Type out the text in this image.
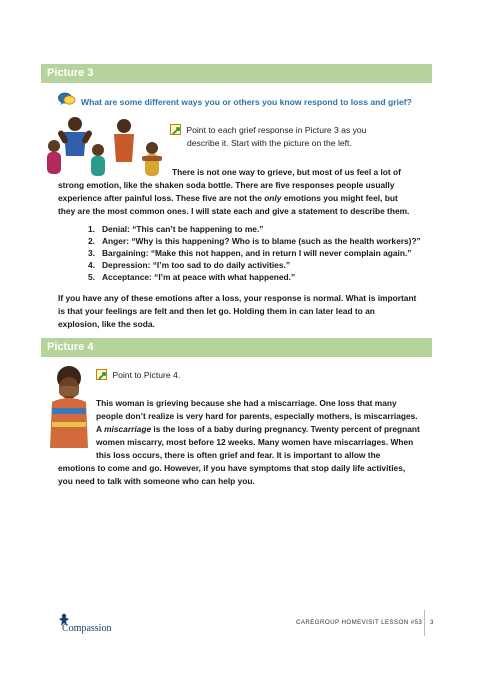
Picture 3
What are some different ways you or others you know respond to loss and grief?
Point to each grief response in Picture 3 as you
describe it. Start with the picture on the left.
There is not one way to grieve, but most of us feel a lot of
strong emotion, like the shaken soda bottle. There are five responses people usually
experience after painful loss. These five are not the only emotions you might feel, but
they are the most common ones. I will state each and give a statement to describe them.
1. Denial: “This can’t be happening to me.”
2. Anger: “Why is this happening? Who is to blame (such as the health workers)?”
3. Bargaining: “Make this not happen, and in return I will never complain again.”
4. Depression: “I’m too sad to do daily activities.”
5. Acceptance: “I’m at peace with what happened.”
If you have any of these emotions after a loss, your response is normal. What is important
is that your feelings are felt and then let go. Holding them in can later lead to an
explosion, like the soda.
Picture 4
Point to Picture 4.
This woman is grieving because she had a miscarriage. One loss that many
people don’t realize is very hard for parents, especially mothers, is miscarriages.
A miscarriage is the loss of a baby during pregnancy. Twenty percent of pregnant
women miscarry, most before 12 weeks. Many women have miscarriages. When
this loss occurs, there is often grief and fear. It is important to allow the
emotions to come and go. However, if you have symptoms that stop daily life activities,
you need to talk with someone who can help you.
Compassion
CAREGROUP HOMEVISIT LESSON #53 3
